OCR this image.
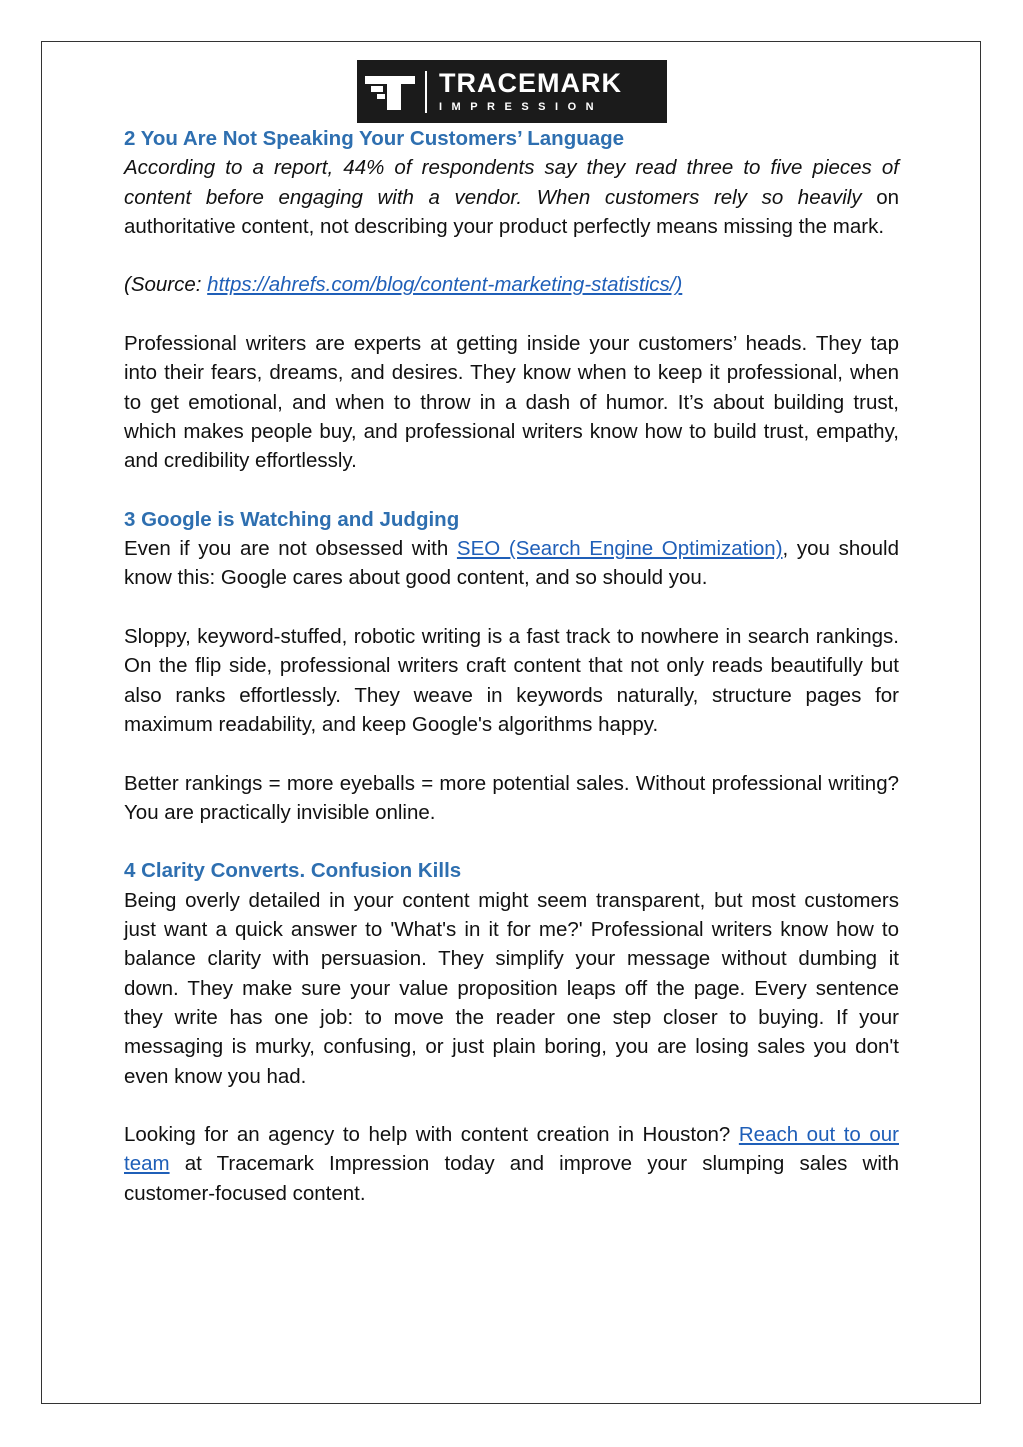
TRACEMARK
IMPRESSION
2 You Are Not Speaking Your Customers’ Language

According to a report, 44% of respondents say they read three to five pieces of content before engaging with a vendor. When customers rely so heavily on authoritative content, not describing your product perfectly means missing the mark.

(Source: https://ahrefs.com/blog/content-marketing-statistics/)

Professional writers are experts at getting inside your customers’ heads. They tap into their fears, dreams, and desires. They know when to keep it professional, when to get emotional, and when to throw in a dash of humor. It’s about building trust, which makes people buy, and professional writers know how to build trust, empathy, and credibility effortlessly.

3 Google is Watching and Judging

Even if you are not obsessed with SEO (Search Engine Optimization), you should know this: Google cares about good content, and so should you.

Sloppy, keyword-stuffed, robotic writing is a fast track to nowhere in search rankings. On the flip side, professional writers craft content that not only reads beautifully but also ranks effortlessly. They weave in keywords naturally, structure pages for maximum readability, and keep Google's algorithms happy.

Better rankings = more eyeballs = more potential sales. Without professional writing? You are practically invisible online.

4 Clarity Converts. Confusion Kills

Being overly detailed in your content might seem transparent, but most customers just want a quick answer to 'What's in it for me?' Professional writers know how to balance clarity with persuasion. They simplify your message without dumbing it down. They make sure your value proposition leaps off the page. Every sentence they write has one job: to move the reader one step closer to buying. If your messaging is murky, confusing, or just plain boring, you are losing sales you don't even know you had.

Looking for an agency to help with content creation in Houston? Reach out to our team at Tracemark Impression today and improve your slumping sales with customer-focused content.
